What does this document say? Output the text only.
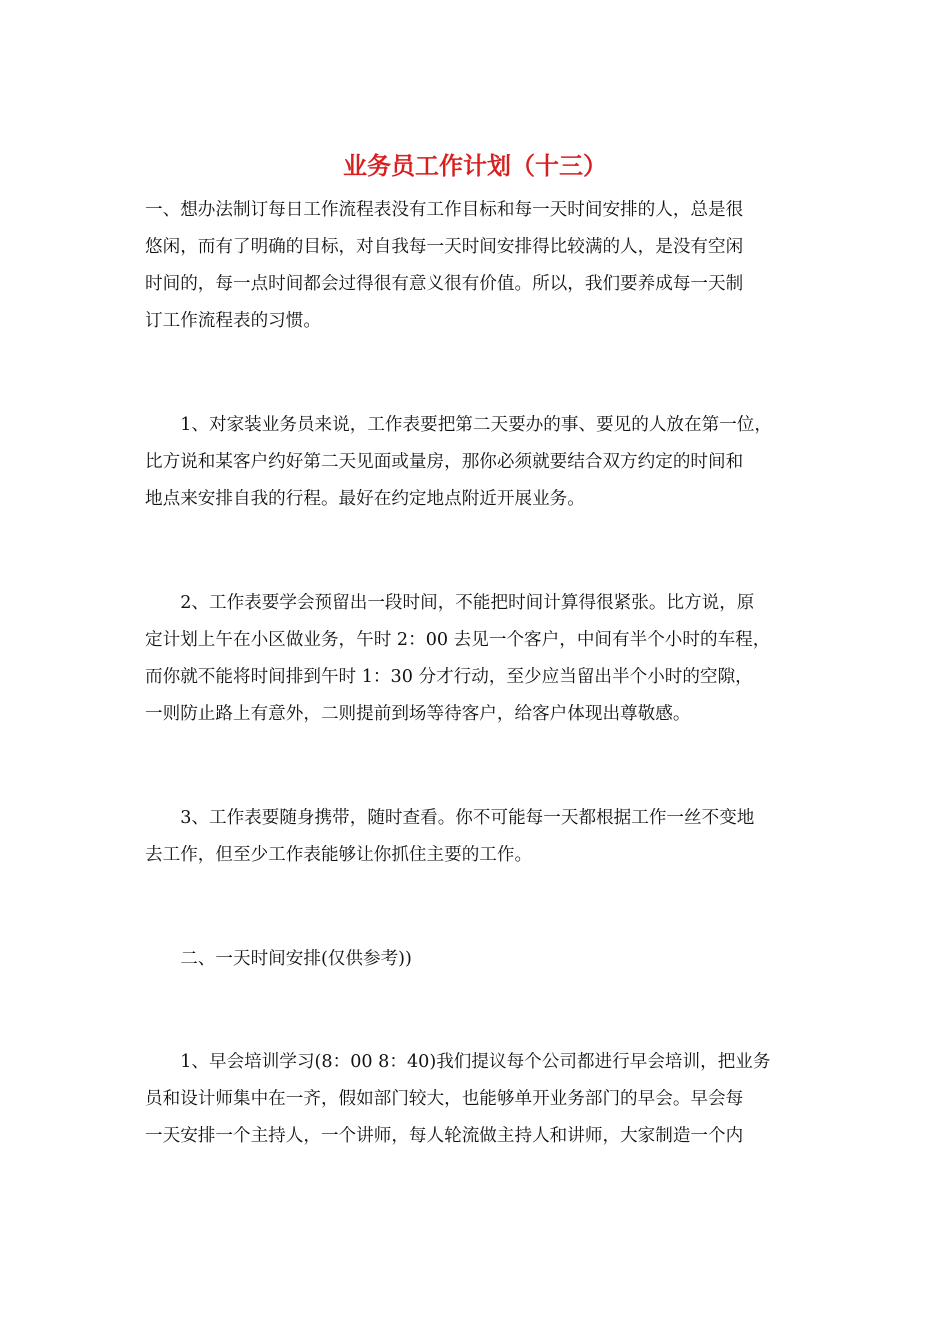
业务员工作计划（十三）
一、想办法制订每日工作流程表没有工作目标和每一天时间安排的人，总是很
悠闲，而有了明确的目标，对自我每一天时间安排得比较满的人，是没有空闲
时间的，每一点时间都会过得很有意义很有价值。所以，我们要养成每一天制
订工作流程表的习惯。
　　1、对家装业务员来说，工作表要把第二天要办的事、要见的人放在第一位，
比方说和某客户约好第二天见面或量房，那你必须就要结合双方约定的时间和
地点来安排自我的行程。最好在约定地点附近开展业务。
　　2、工作表要学会预留出一段时间，不能把时间计算得很紧张。比方说，原
定计划上午在小区做业务，午时 2：00 去见一个客户，中间有半个小时的车程，
而你就不能将时间排到午时 1：30 分才行动，至少应当留出半个小时的空隙，
一则防止路上有意外，二则提前到场等待客户，给客户体现出尊敬感。
　　3、工作表要随身携带，随时查看。你不可能每一天都根据工作一丝不变地
去工作，但至少工作表能够让你抓住主要的工作。
　　二、一天时间安排(仅供参考))
　　1、早会培训学习(8：00 8：40)我们提议每个公司都进行早会培训，把业务
员和设计师集中在一齐，假如部门较大，也能够单开业务部门的早会。早会每
一天安排一个主持人，一个讲师，每人轮流做主持人和讲师，大家制造一个内
